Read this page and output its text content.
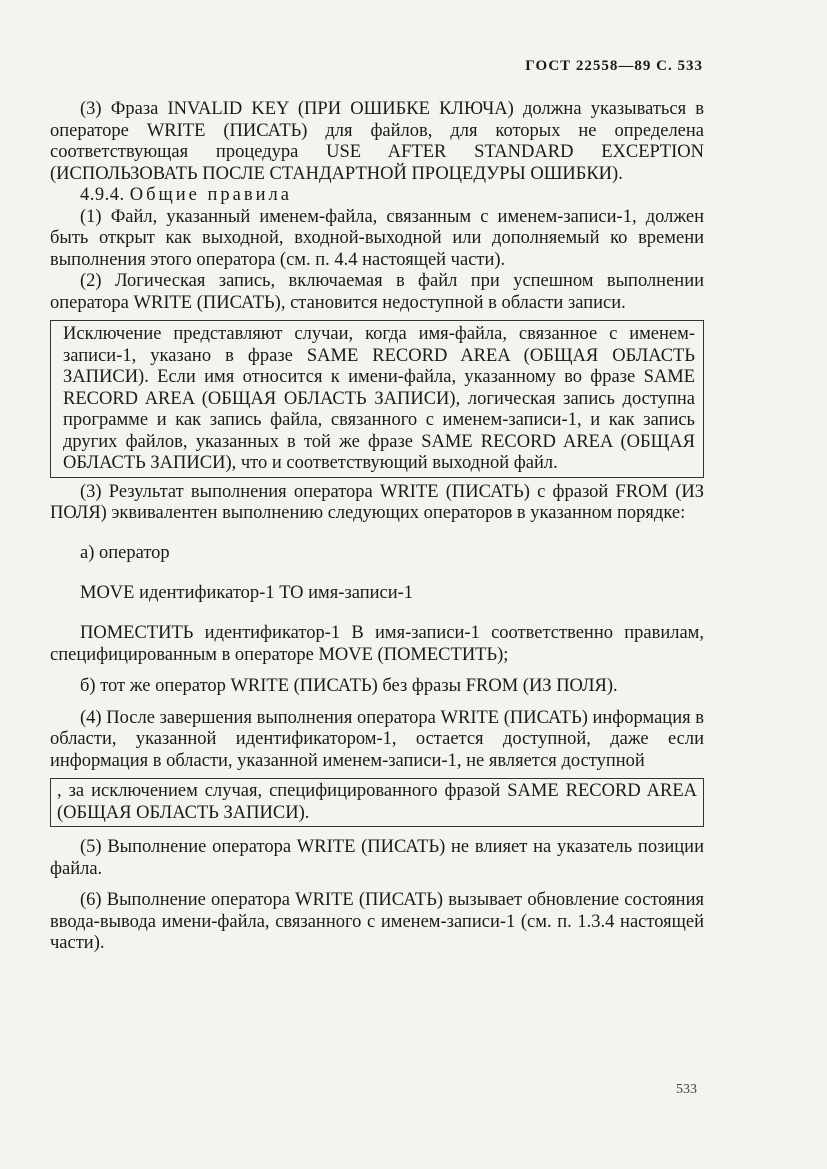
ГОСТ 22558—89 С. 533

(3) Фраза INVALID KEY (ПРИ ОШИБКЕ КЛЮЧА) должна указываться в операторе WRITE (ПИСАТЬ) для файлов, для которых не определена соответствующая процедура USE AFTER STANDARD EXCEPTION (ИСПОЛЬЗОВАТЬ ПОСЛЕ СТАНДАРТНОЙ ПРОЦЕДУРЫ ОШИБКИ).

4.9.4. Общие правила

(1) Файл, указанный именем-файла, связанным с именем-записи-1, должен быть открыт как выходной, входной-выходной или дополняемый ко времени выполнения этого оператора (см. п. 4.4 настоящей части).

(2) Логическая запись, включаемая в файл при успешном выполнении оператора WRITE (ПИСАТЬ), становится недоступной в области записи.

Исключение представляют случаи, когда имя-файла, связанное с именем-записи-1, указано в фразе SAME RECORD AREA (ОБЩАЯ ОБЛАСТЬ ЗАПИСИ). Если имя относится к имени-файла, указанному во фразе SAME RECORD AREA (ОБЩАЯ ОБЛАСТЬ ЗАПИСИ), логическая запись доступна программе и как запись файла, связанного с именем-записи-1, и как запись других файлов, указанных в той же фразе SAME RECORD AREA (ОБЩАЯ ОБЛАСТЬ ЗАПИСИ), что и соответствующий выходной файл.

(3) Результат выполнения оператора WRITE (ПИСАТЬ) с фразой FROM (ИЗ ПОЛЯ) эквивалентен выполнению следующих операторов в указанном порядке:

а) оператор

MOVE идентификатор-1 TO имя-записи-1

ПОМЕСТИТЬ идентификатор-1 В имя-записи-1 соответственно правилам, специфицированным в операторе MOVE (ПОМЕСТИТЬ);

б) тот же оператор WRITE (ПИСАТЬ) без фразы FROM (ИЗ ПОЛЯ).

(4) После завершения выполнения оператора WRITE (ПИСАТЬ) информация в области, указанной идентификатором-1, остается доступной, даже если информация в области, указанной именем-записи-1, не является доступной

, за исключением случая, специфицированного фразой SAME RECORD AREA (ОБЩАЯ ОБЛАСТЬ ЗАПИСИ).

(5) Выполнение оператора WRITE (ПИСАТЬ) не влияет на указатель позиции файла.

(6) Выполнение оператора WRITE (ПИСАТЬ) вызывает обновление состояния ввода-вывода имени-файла, связанного с именем-записи-1 (см. п. 1.3.4 настоящей части).

533
